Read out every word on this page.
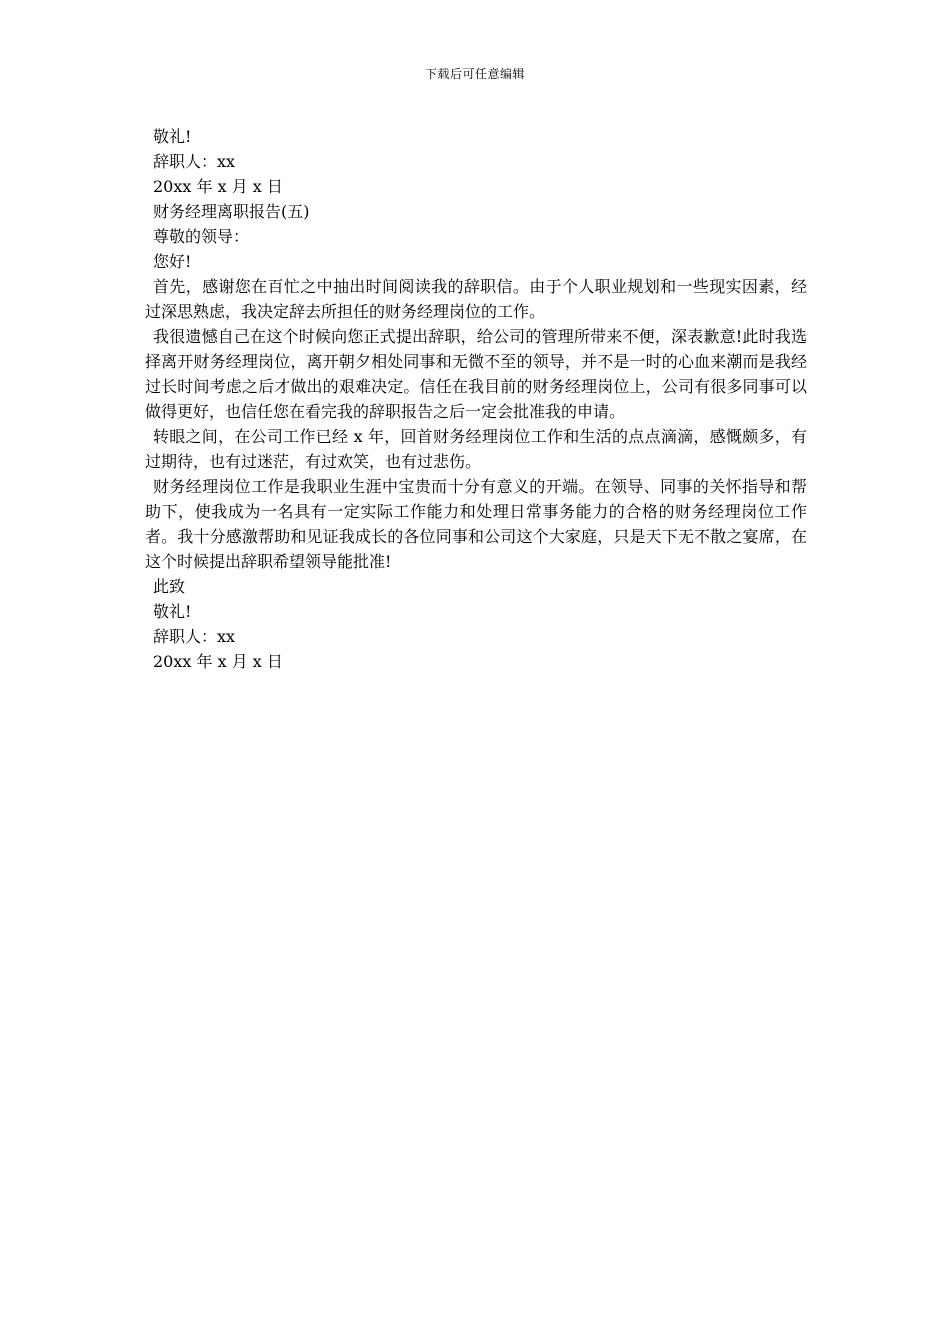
下载后可任意编辑

敬礼!

辞职人：xx

20xx 年 x 月 x 日

财务经理离职报告(五)

尊敬的领导：

您好!

首先，感谢您在百忙之中抽出时间阅读我的辞职信。由于个人职业规划和一些现实因素，经过深思熟虑，我决定辞去所担任的财务经理岗位的工作。

我很遗憾自己在这个时候向您正式提出辞职，给公司的管理所带来不便，深表歉意!此时我选择离开财务经理岗位，离开朝夕相处同事和无微不至的领导，并不是一时的心血来潮而是我经过长时间考虑之后才做出的艰难决定。信任在我目前的财务经理岗位上，公司有很多同事可以做得更好，也信任您在看完我的辞职报告之后一定会批准我的申请。

转眼之间，在公司工作已经 x 年，回首财务经理岗位工作和生活的点点滴滴，感慨颇多，有过期待，也有过迷茫，有过欢笑，也有过悲伤。

财务经理岗位工作是我职业生涯中宝贵而十分有意义的开端。在领导、同事的关怀指导和帮助下，使我成为一名具有一定实际工作能力和处理日常事务能力的合格的财务经理岗位工作者。我十分感激帮助和见证我成长的各位同事和公司这个大家庭，只是天下无不散之宴席，在这个时候提出辞职希望领导能批准!

此致

敬礼!

辞职人：xx

20xx 年 x 月 x 日
